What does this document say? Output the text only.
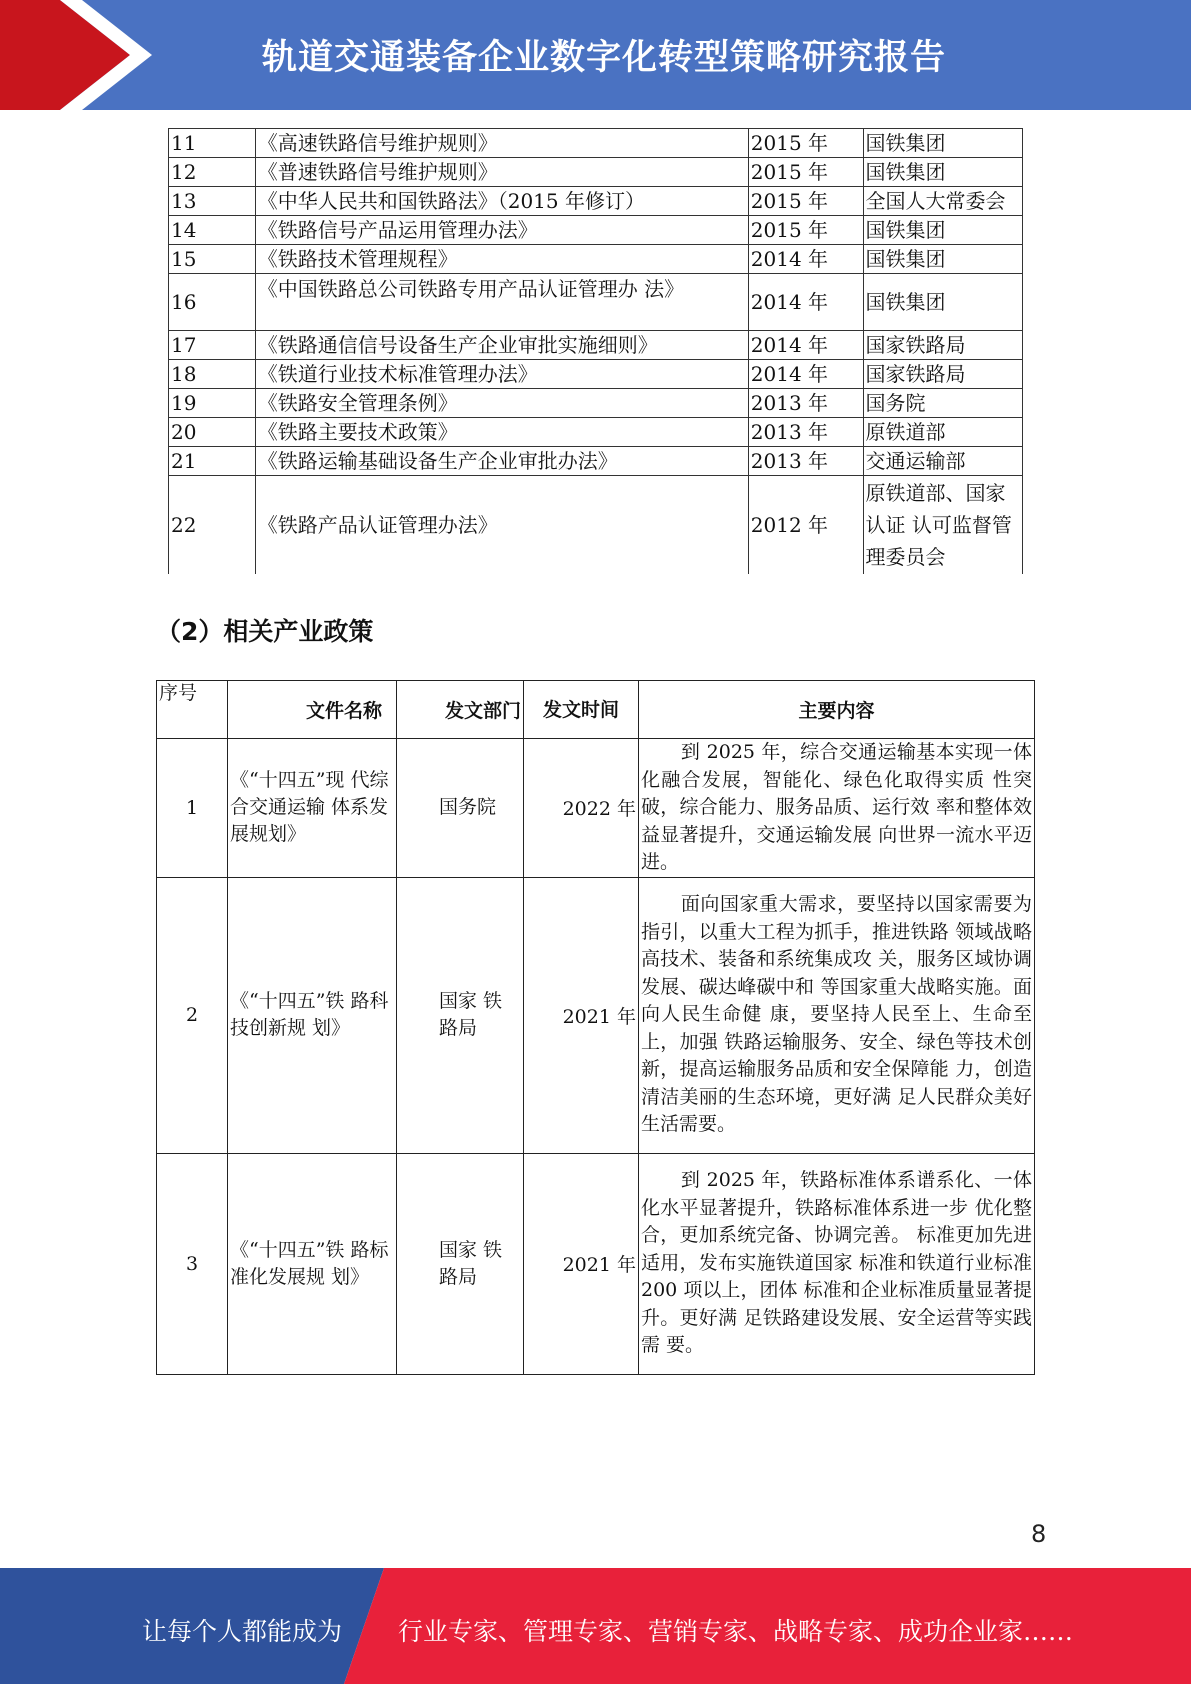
轨道交通装备企业数字化转型策略研究报告
11	《高速铁路信号维护规则》	2015 年	国铁集团
12	《普速铁路信号维护规则》	2015 年	国铁集团
13	《中华人民共和国铁路法》（2015 年修订）	2015 年	全国人大常委会
14	《铁路信号产品运用管理办法》	2015 年	国铁集团
15	《铁路技术管理规程》	2014 年	国铁集团
16	《中国铁路总公司铁路专用产品认证管理办 法》	2014 年	国铁集团
17	《铁路通信信号设备生产企业审批实施细则》	2014 年	国家铁路局
18	《铁道行业技术标准管理办法》	2014 年	国家铁路局
19	《铁路安全管理条例》	2013 年	国务院
20	《铁路主要技术政策》	2013 年	原铁道部
21	《铁路运输基础设备生产企业审批办法》	2013 年	交通运输部
22	《铁路产品认证管理办法》	2012 年	原铁道部、国家认证 认可监督管理委员会
（2）相关产业政策
序号	文件名称	发文部门	发文时间	主要内容
1	《“十四五”现 代综合交通运输 体系发展规划》	国务院	2022 年	到 2025 年，综合交通运输基本实现一体化融合发展，智能化、绿色化取得实质 性突破，综合能力、服务品质、运行效 率和整体效益显著提升，交通运输发展 向世界一流水平迈进。

2	《“十四五”铁 路科技创新规 划》	国家 铁路局	2021 年	面向国家重大需求，要坚持以国家需要为指引，以重大工程为抓手，推进铁路 领域战略高技术、装备和系统集成攻 关，服务区域协调发展、碳达峰碳中和 等国家重大战略实施。面向人民生命健 康，要坚持人民至上、生命至上，加强 铁路运输服务、安全、绿色等技术创 新，提高运输服务品质和安全保障能 力，创造清洁美丽的生态环境，更好满 足人民群众美好生活需要。

3	《“十四五”铁 路标准化发展规 划》	国家 铁路局	2021 年	到 2025 年，铁路标准体系谱系化、一体化水平显著提升，铁路标准体系进一步 优化整合，更加系统完备、协调完善。 标准更加先进适用，发布实施铁道国家 标准和铁道行业标准 200 项以上，团体 标准和企业标准质量显著提升。更好满 足铁路建设发展、安全运营等实践需 要。

8
让每个人都能成为 行业专家、管理专家、营销专家、战略专家、成功企业家……
